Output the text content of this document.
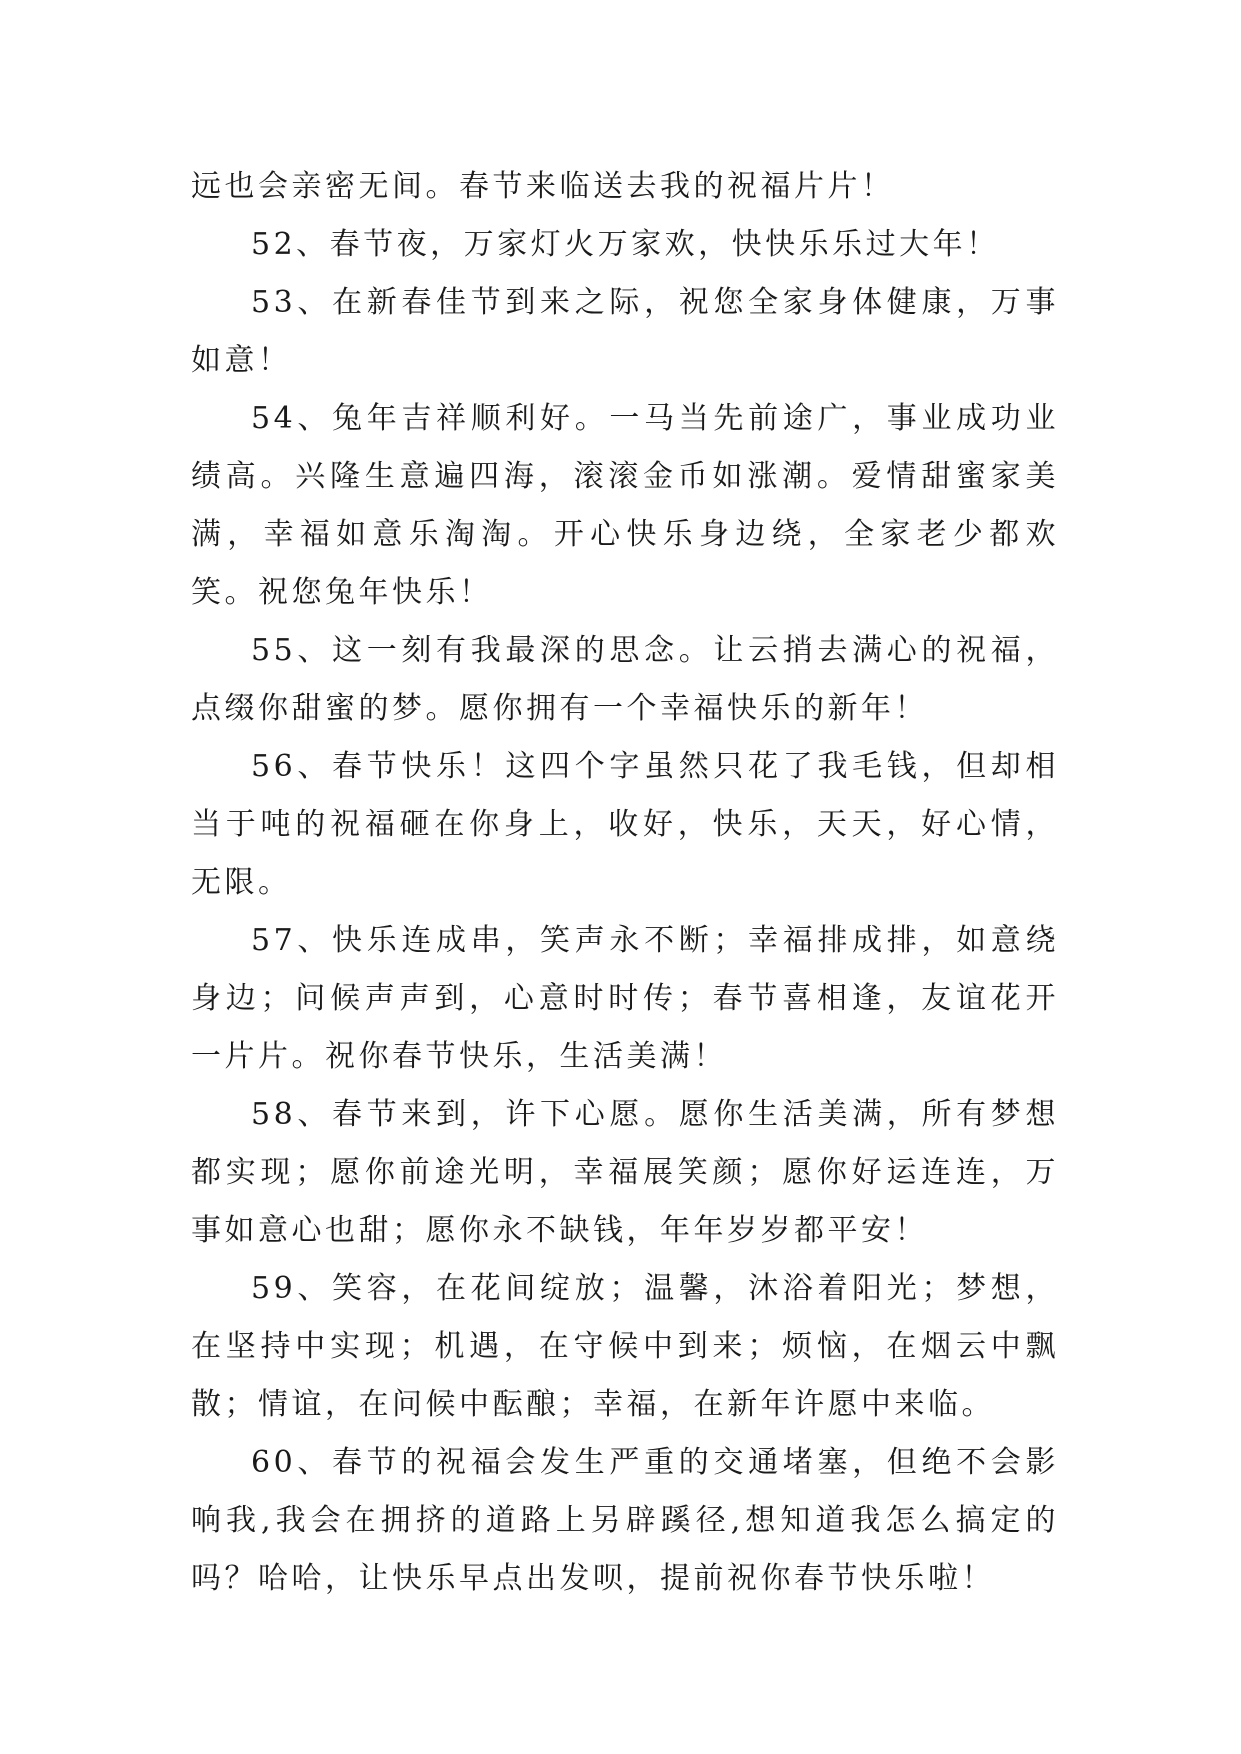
远也会亲密无间。春节来临送去我的祝福片片！

52、春节夜，万家灯火万家欢，快快乐乐过大年！

53、在新春佳节到来之际，祝您全家身体健康，万事如意！

54、兔年吉祥顺利好。一马当先前途广，事业成功业绩高。兴隆生意遍四海，滚滚金币如涨潮。爱情甜蜜家美满，幸福如意乐淘淘。开心快乐身边绕，全家老少都欢笑。祝您兔年快乐！

55、这一刻有我最深的思念。让云捎去满心的祝福，点缀你甜蜜的梦。愿你拥有一个幸福快乐的新年！

56、春节快乐！这四个字虽然只花了我毛钱，但却相当于吨的祝福砸在你身上，收好，快乐，天天，好心情，无限。

57、快乐连成串，笑声永不断；幸福排成排，如意绕身边；问候声声到，心意时时传；春节喜相逢，友谊花开一片片。祝你春节快乐，生活美满！

58、春节来到，许下心愿。愿你生活美满，所有梦想都实现；愿你前途光明，幸福展笑颜；愿你好运连连，万事如意心也甜；愿你永不缺钱，年年岁岁都平安！

59、笑容，在花间绽放；温馨，沐浴着阳光；梦想，在坚持中实现；机遇，在守候中到来；烦恼，在烟云中飘散；情谊，在问候中酝酿；幸福，在新年许愿中来临。

60、春节的祝福会发生严重的交通堵塞，但绝不会影响我,我会在拥挤的道路上另辟蹊径,想知道我怎么搞定的吗？哈哈，让快乐早点出发呗，提前祝你春节快乐啦！
